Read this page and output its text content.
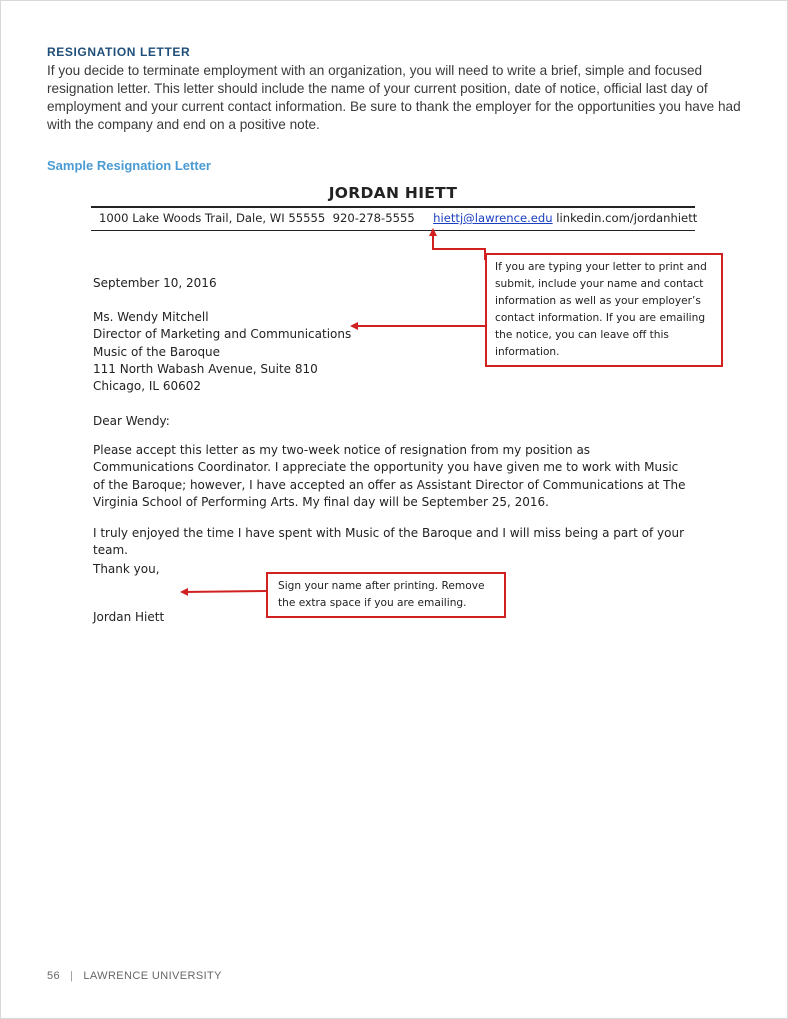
RESIGNATION LETTER

If you decide to terminate employment with an organization, you will need to write a brief, simple and focused resignation letter. This letter should include the name of your current position, date of notice, official last day of employment and your current contact information. Be sure to thank the employer for the opportunities you have had with the company and end on a positive note.

Sample Resignation Letter
JORDAN HIETT
1000 Lake Woods Trail, Dale, WI 55555 920-278-5555 hiettj@lawrence.edu linkedin.com/jordanhiett
September 10, 2016
Ms. Wendy Mitchell
Director of Marketing and Communications
Music of the Baroque
111 North Wabash Avenue, Suite 810
Chicago, IL 60602
Dear Wendy:

Please accept this letter as my two-week notice of resignation from my position as Communications Coordinator. I appreciate the opportunity you have given me to work with Music of the Baroque; however, I have accepted an offer as Assistant Director of Communications at The Virginia School of Performing Arts. My final day will be September 25, 2016.

I truly enjoyed the time I have spent with Music of the Baroque and I will miss being a part of your team.

Thank you,
Jordan Hiett
If you are typing your letter to print and submit, include your name and contact information as well as your employer’s contact information. If you are emailing the notice, you can leave off this information.
Sign your name after printing. Remove the extra space if you are emailing.
56 | LAWRENCE UNIVERSITY
